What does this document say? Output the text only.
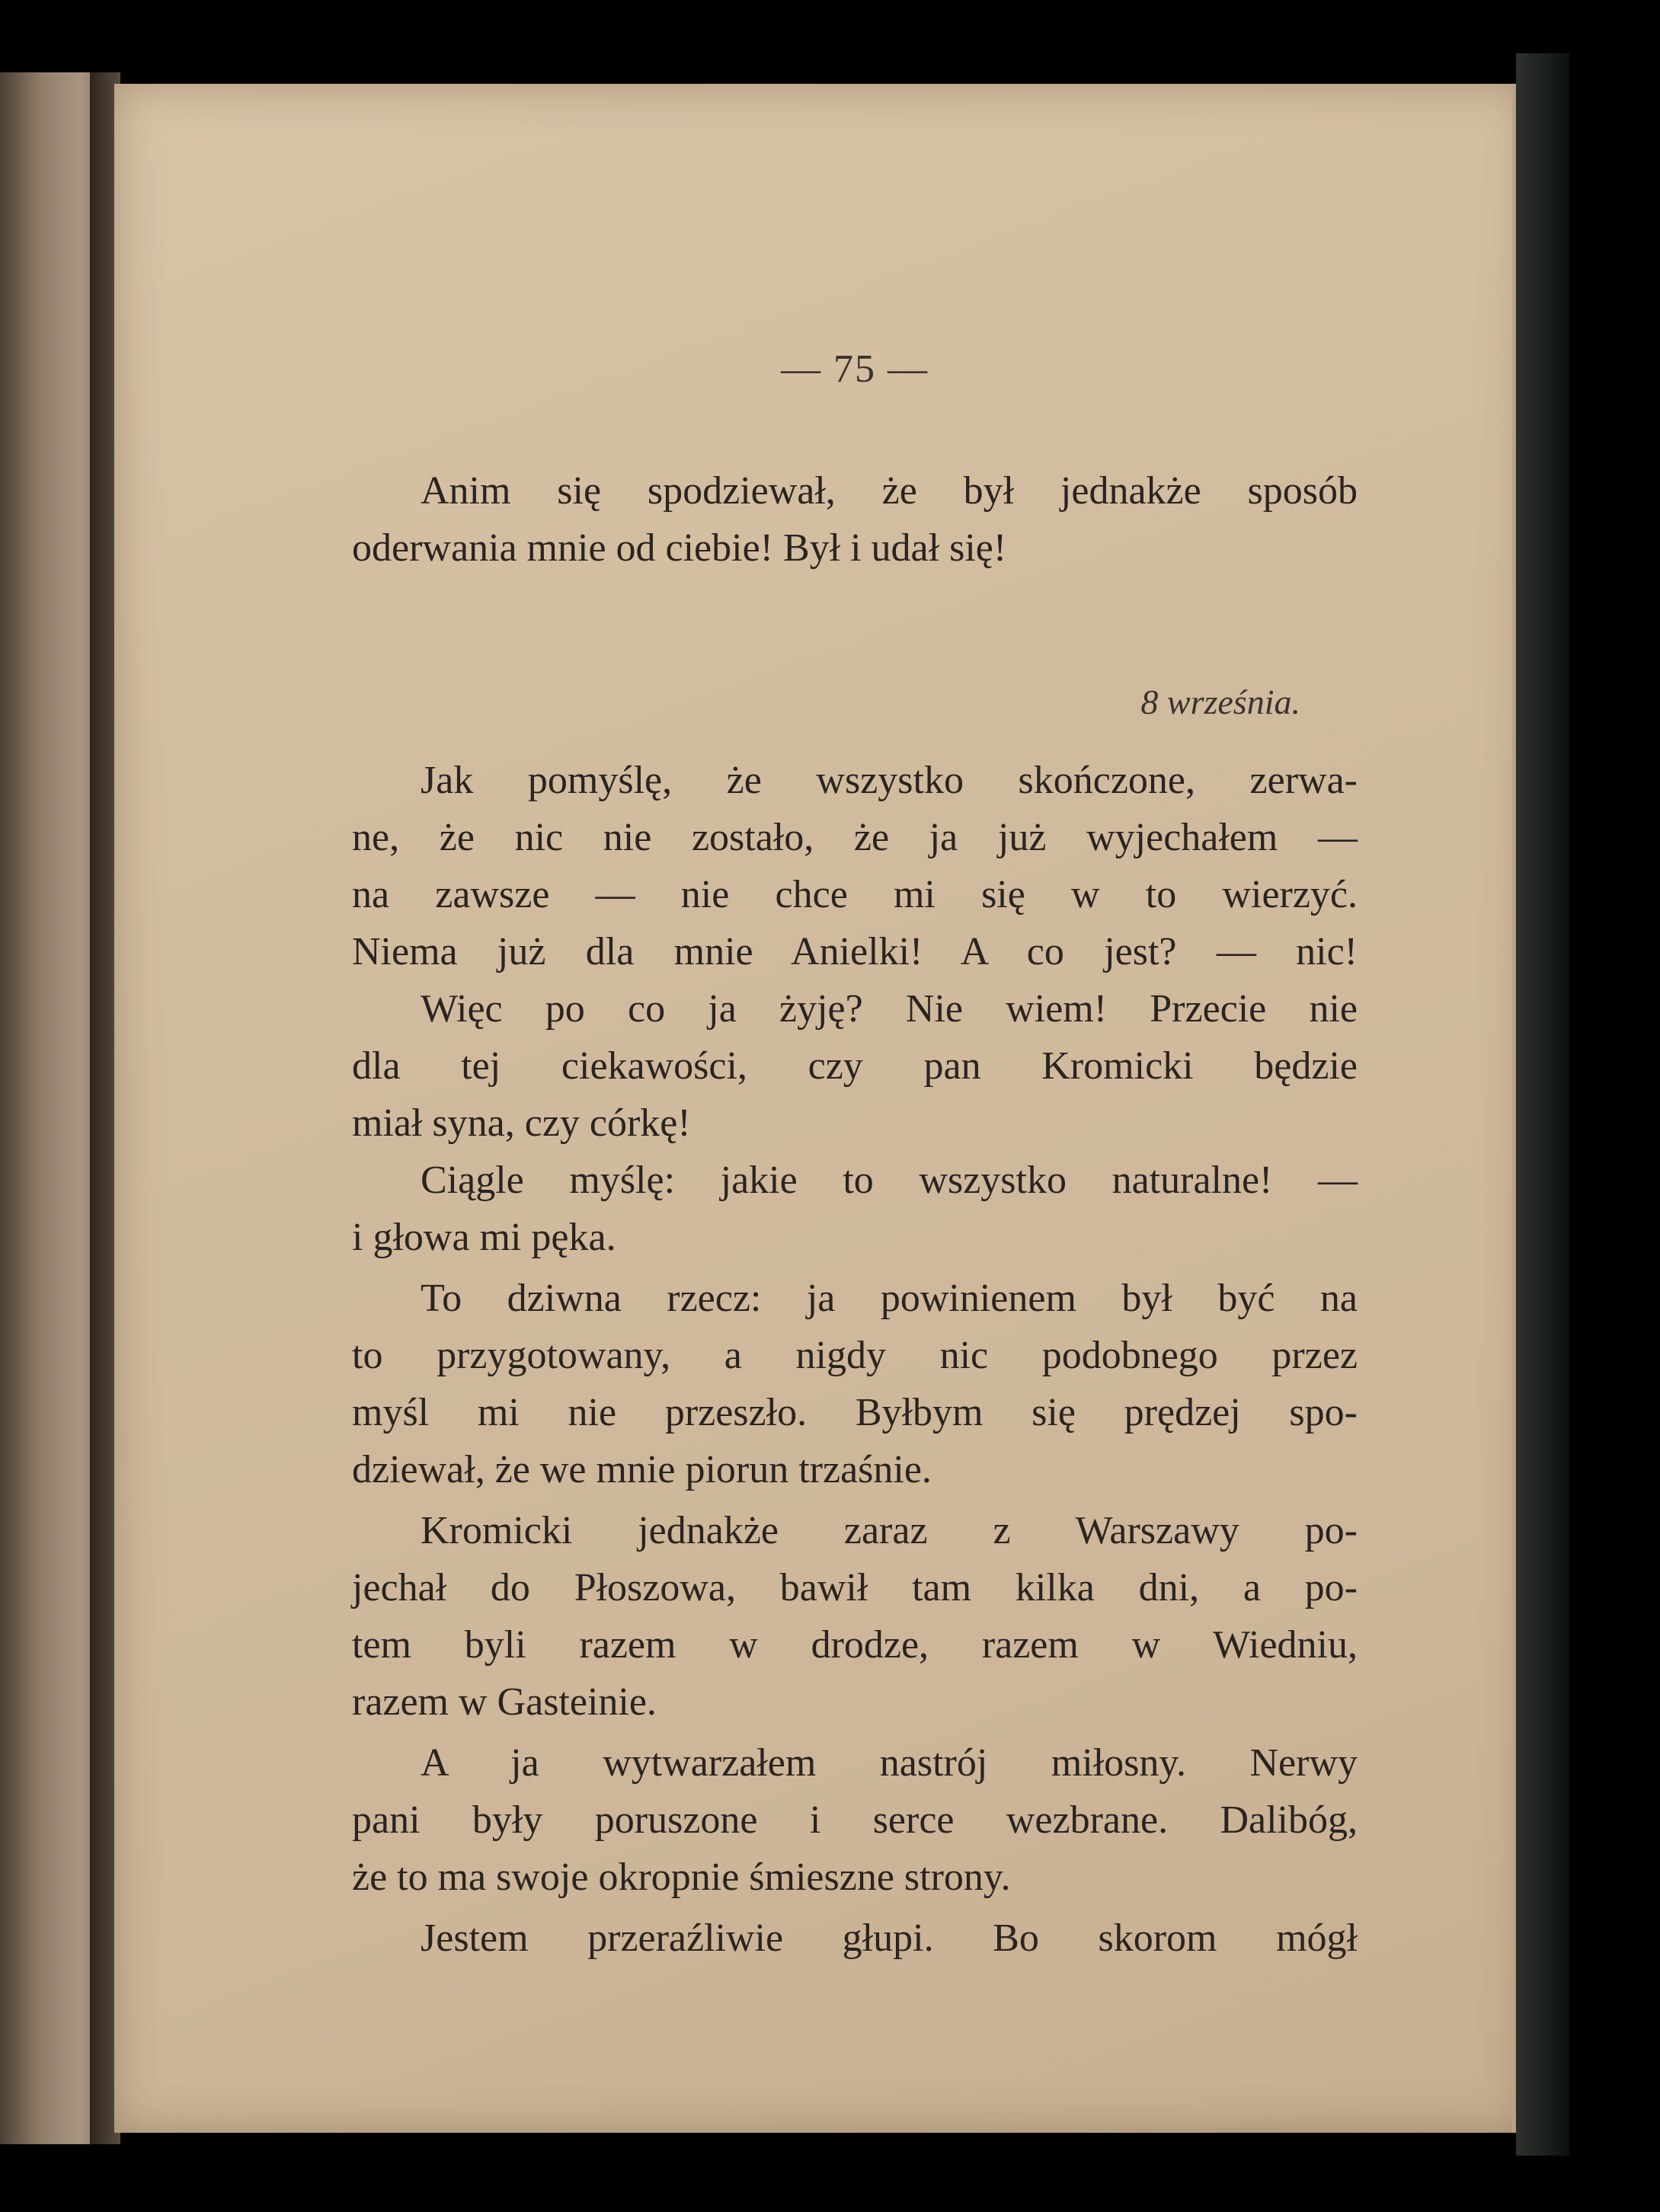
— 75 —
Anim się spodziewał, że był jednakże sposób
oderwania mnie od ciebie! Był i udał się!
8 września.
Jak pomyślę, że wszystko skończone, zerwa-
ne, że nic nie zostało, że ja już wyjechałem —
na zawsze — nie chce mi się w to wierzyć.
Niema już dla mnie Anielki! A co jest? — nic!
Więc po co ja żyję? Nie wiem! Przecie nie
dla tej ciekawości, czy pan Kromicki będzie
miał syna, czy córkę!
Ciągle myślę: jakie to wszystko naturalne! —
i głowa mi pęka.
To dziwna rzecz: ja powinienem był być na
to przygotowany, a nigdy nic podobnego przez
myśl mi nie przeszło. Byłbym się prędzej spo-
dziewał, że we mnie piorun trzaśnie.
Kromicki jednakże zaraz z Warszawy po-
jechał do Płoszowa, bawił tam kilka dni, a po-
tem byli razem w drodze, razem w Wiedniu,
razem w Gasteinie.
A ja wytwarzałem nastrój miłosny. Nerwy
pani były poruszone i serce wezbrane. Dalibóg,
że to ma swoje okropnie śmieszne strony.
Jestem przeraźliwie głupi. Bo skorom mógł
